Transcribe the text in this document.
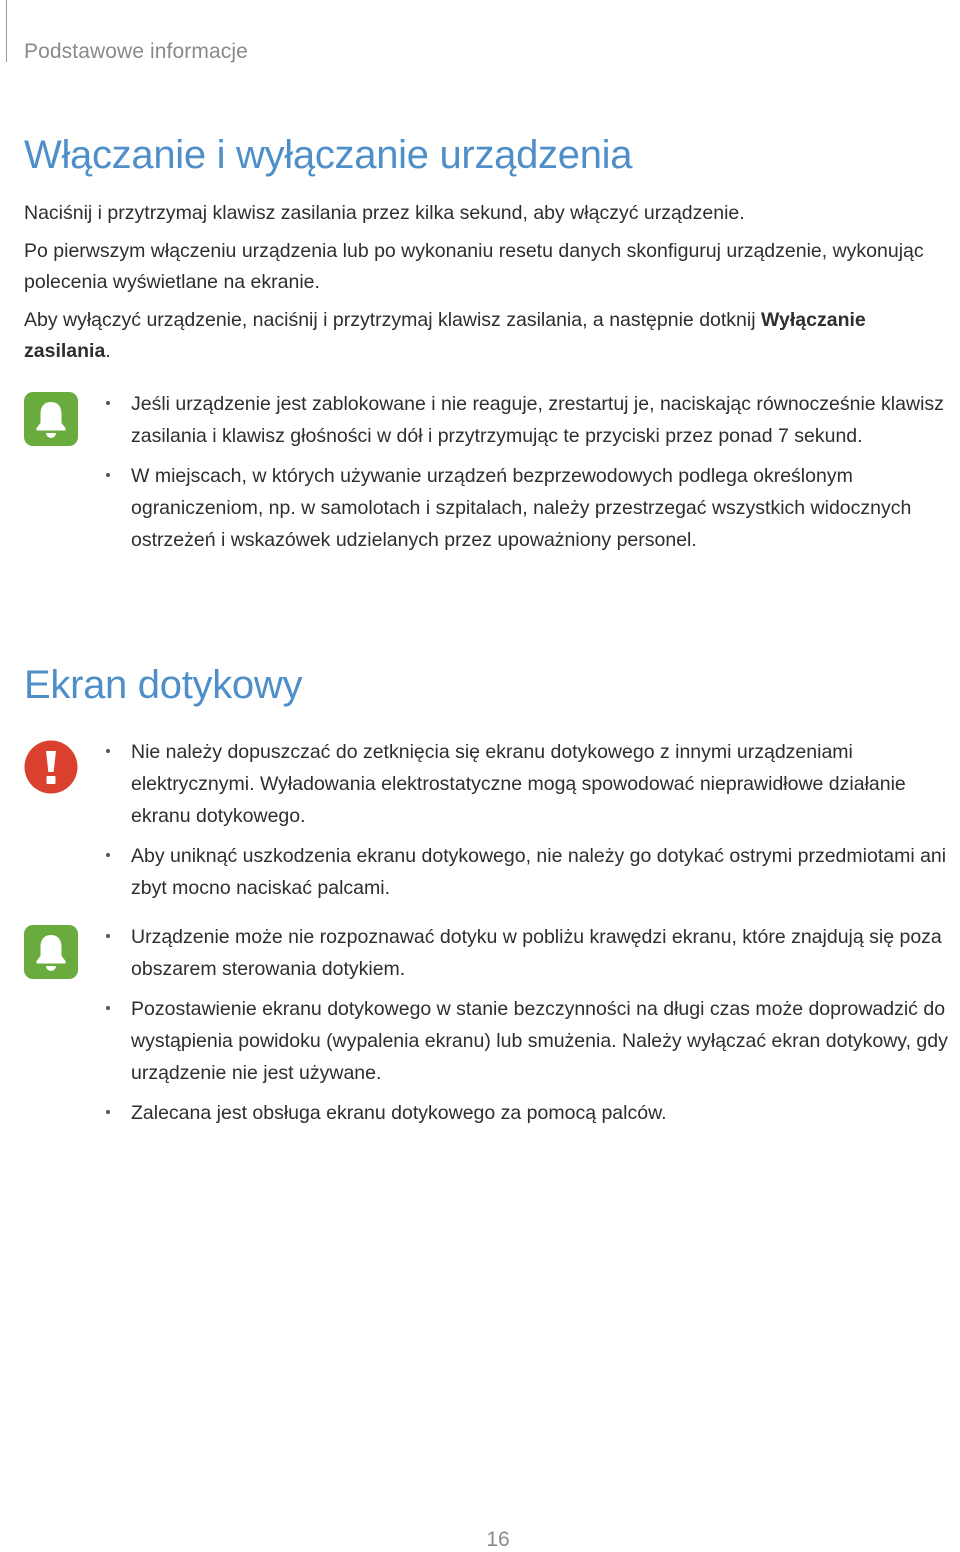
Podstawowe informacje
Włączanie i wyłączanie urządzenia

Naciśnij i przytrzymaj klawisz zasilania przez kilka sekund, aby włączyć urządzenie.

Po pierwszym włączeniu urządzenia lub po wykonaniu resetu danych skonfiguruj urządzenie, wykonując polecenia wyświetlane na ekranie.

Aby wyłączyć urządzenie, naciśnij i przytrzymaj klawisz zasilania, a następnie dotknij Wyłączanie zasilania.

Jeśli urządzenie jest zablokowane i nie reaguje, zrestartuj je, naciskając równocześnie klawisz zasilania i klawisz głośności w dół i przytrzymując te przyciski przez ponad 7 sekund.
W miejscach, w których używanie urządzeń bezprzewodowych podlega określonym ograniczeniom, np. w samolotach i szpitalach, należy przestrzegać wszystkich widocznych ostrzeżeń i wskazówek udzielanych przez upoważniony personel.
Ekran dotykowy
Nie należy dopuszczać do zetknięcia się ekranu dotykowego z innymi urządzeniami elektrycznymi. Wyładowania elektrostatyczne mogą spowodować nieprawidłowe działanie ekranu dotykowego.
Aby uniknąć uszkodzenia ekranu dotykowego, nie należy go dotykać ostrymi przedmiotami ani zbyt mocno naciskać palcami.
Urządzenie może nie rozpoznawać dotyku w pobliżu krawędzi ekranu, które znajdują się poza obszarem sterowania dotykiem.
Pozostawienie ekranu dotykowego w stanie bezczynności na długi czas może doprowadzić do wystąpienia powidoku (wypalenia ekranu) lub smużenia. Należy wyłączać ekran dotykowy, gdy urządzenie nie jest używane.
Zalecana jest obsługa ekranu dotykowego za pomocą palców.
16
